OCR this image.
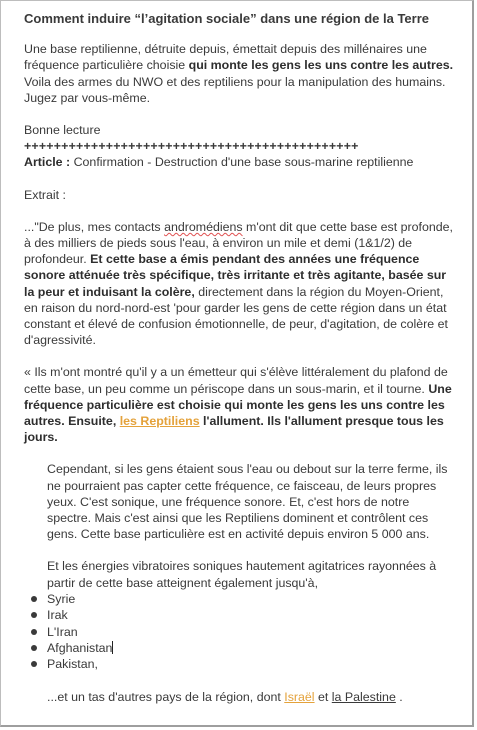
Comment induire “l’agitation sociale” dans une région de la Terre

Une base reptilienne, détruite depuis, émettait depuis des millénaires une fréquence particulière choisie qui monte les gens les uns contre les autres. Voila des armes du NWO et des reptiliens pour la manipulation des humains. Jugez par vous-même.

Bonne lecture

+++++++++++++++++++++++++++++++++++++++++++++

Article : Confirmation - Destruction d'une base sous-marine reptilienne

Extrait :

..."De plus, mes contacts andromédiens m'ont dit que cette base est profonde, à des milliers de pieds sous l'eau, à environ un mile et demi (1&1/2) de profondeur. Et cette base a émis pendant des années une fréquence sonore atténuée très spécifique, très irritante et très agitante, basée sur la peur et induisant la colère, directement dans la région du Moyen-Orient, en raison du nord-nord-est 'pour garder les gens de cette région dans un état constant et élevé de confusion émotionnelle, de peur, d'agitation, de colère et d'agressivité.

« Ils m'ont montré qu'il y a un émetteur qui s'élève littéralement du plafond de cette base, un peu comme un périscope dans un sous-marin, et il tourne. Une fréquence particulière est choisie qui monte les gens les uns contre les autres. Ensuite, les Reptiliens l'allument. Ils l'allument presque tous les jours.

Cependant, si les gens étaient sous l'eau ou debout sur la terre ferme, ils ne pourraient pas capter cette fréquence, ce faisceau, de leurs propres yeux. C'est sonique, une fréquence sonore. Et, c'est hors de notre spectre. Mais c'est ainsi que les Reptiliens dominent et contrôlent ces gens. Cette base particulière est en activité depuis environ 5 000 ans.

Et les énergies vibratoires soniques hautement agitatrices rayonnées à partir de cette base atteignent également jusqu'à,

Syrie
Irak
L'Iran
Afghanistan
Pakistan,

...et un tas d'autres pays de la région, dont Israël et la Palestine .
